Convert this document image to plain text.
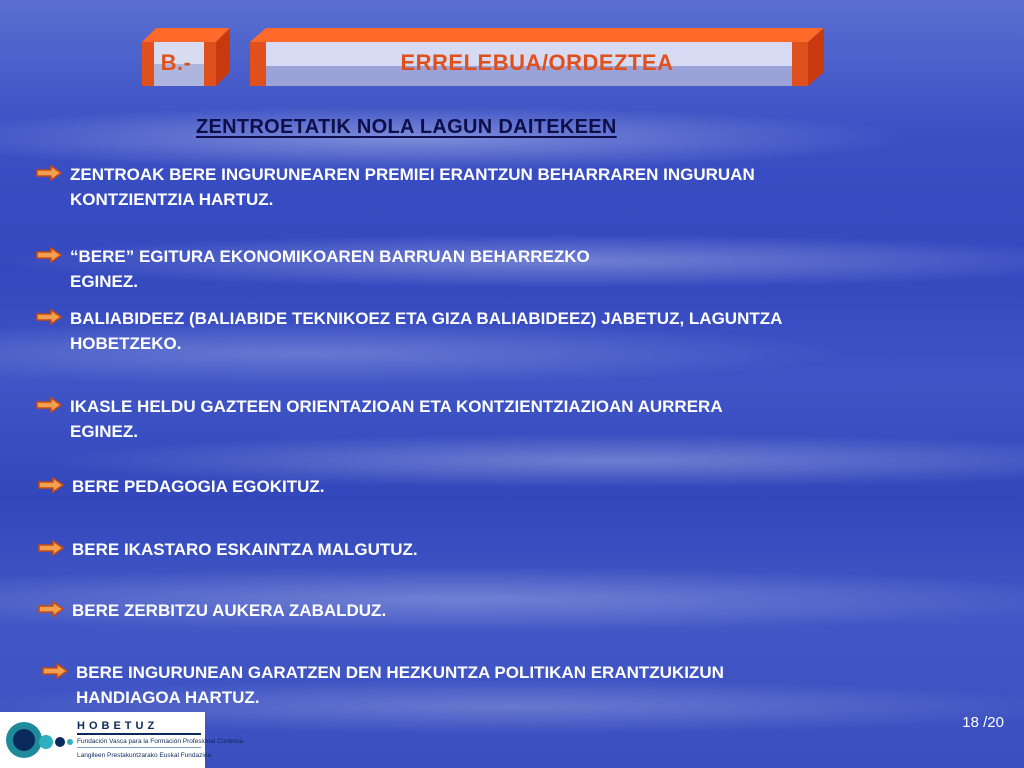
B.-	ERRELEBUA/ORDEZTEA
ZENTROETATIK NOLA LAGUN DAITEKEEN
ZENTROAK BERE INGURUNEAREN PREMIEI ERANTZUN BEHARRAREN INGURUAN
KONTZIENTZIA HARTUZ.
“BERE” EGITURA EKONOMIKOAREN BARRUAN BEHARREZKO
EGINEZ.
BALIABIDEEZ (BALIABIDE TEKNIKOEZ ETA GIZA BALIABIDEEZ) JABETUZ, LAGUNTZA
HOBETZEKO.
IKASLE HELDU GAZTEEN ORIENTAZIOAN ETA KONTZIENTZIAZIOAN AURRERA
EGINEZ.
BERE PEDAGOGIA EGOKITUZ.
BERE IKASTARO ESKAINTZA MALGUTUZ.
BERE ZERBITZU AUKERA ZABALDUZ.
BERE INGURUNEAN GARATZEN DEN HEZKUNTZA POLITIKAN ERANTZUKIZUN
HANDIAGOA HARTUZ.
HOBETUZ
Fundación Vasca para la Formación Profesional Continua
Langileen Prestakuntzarako Euskal Fundazioa
18 /20
